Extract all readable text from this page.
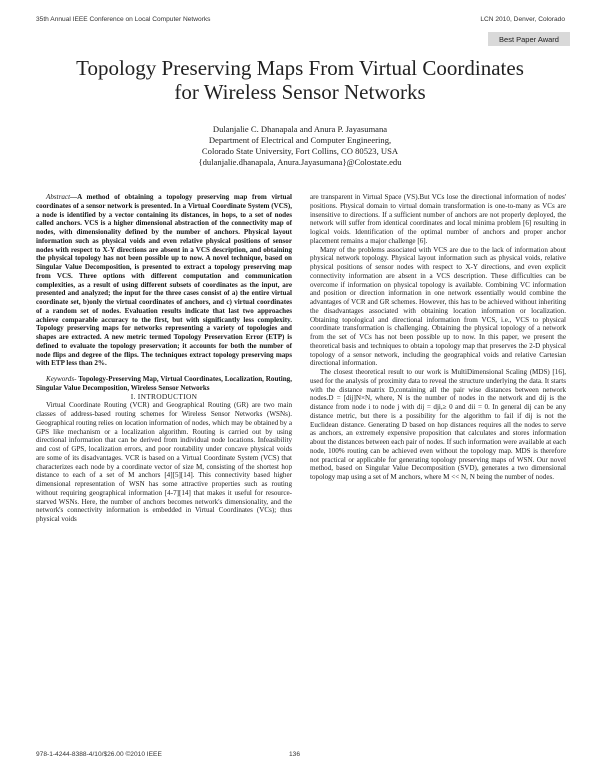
35th Annual IEEE Conference on Local Computer Networks	LCN 2010, Denver, Colorado
Best Paper Award
Topology Preserving Maps From Virtual Coordinates
for Wireless Sensor Networks
Dulanjalie C. Dhanapala and Anura P. Jayasumana
Department of Electrical and Computer Engineering,
Colorado State University, Fort Collins, CO 80523, USA
{dulanjalie.dhanapala, Anura.Jayasumana}@Colostate.edu

Abstract—A method of obtaining a topology preserving map from virtual coordinates of a sensor network is presented. In a Virtual Coordinate System (VCS), a node is identified by a vector containing its distances, in hops, to a set of nodes called anchors. VCS is a higher dimensional abstraction of the connectivity map of nodes, with dimensionality defined by the number of anchors. Physical layout information such as physical voids and even relative physical positions of sensor nodes with respect to X-Y directions are absent in a VCS description, and obtaining the physical topology has not been possible up to now. A novel technique, based on Singular Value Decomposition, is presented to extract a topology preserving map from VCS. Three options with different computation and communication complexities, as a result of using different subsets of coordinates as the input, are presented and analyzed; the input for the three cases consist of a) the entire virtual coordinate set, b)only the virtual coordinates of anchors, and c) virtual coordinates of a random set of nodes. Evaluation results indicate that last two approaches achieve comparable accuracy to the first, but with significantly less complexity. Topology preserving maps for networks representing a variety of topologies and shapes are extracted. A new metric termed Topology Preservation Error (ETP) is defined to evaluate the topology preservation; it accounts for both the number of node flips and degree of the flips. The techniques extract topology preserving maps with ETP less than 2%.

Keywords- Topology-Preserving Map, Virtual Coordinates, Localization, Routing, Singular Value Decomposition, Wireless Sensor Networks

I. INTRODUCTION

Virtual Coordinate Routing (VCR) and Geographical Routing (GR) are two main classes of address-based routing schemes for Wireless Sensor Networks (WSNs). Geographical routing relies on location information of nodes, which may be obtained by a GPS like mechanism or a localization algorithm. Routing is carried out by using directional information that can be derived from individual node locations. Infeasibility and cost of GPS, localization errors, and poor routability under concave physical voids are some of its disadvantages. VCR is based on a Virtual Coordinate System (VCS) that characterizes each node by a coordinate vector of size M, consisting of the shortest hop distance to each of a set of M anchors [4][5][14]. This connectivity based higher dimensional representation of WSN has some attractive properties such as routing without requiring geographical information [4-7][14] that makes it useful for resource-starved WSNs. Here, the number of anchors becomes network's dimensionality, and the network's connectivity information is embedded in Virtual Coordinates (VCs); thus physical voids

are transparent in Virtual Space (VS).But VCs lose the directional information of nodes' positions. Physical domain to virtual domain transformation is one-to-many as VCs are insensitive to directions. If a sufficient number of anchors are not properly deployed, the network will suffer from identical coordinates and local minima problem [6] resulting in logical voids. Identification of the optimal number of anchors and proper anchor placement remains a major challenge [6].

Many of the problems associated with VCS are due to the lack of information about physical network topology. Physical layout information such as physical voids, relative physical positions of sensor nodes with respect to X-Y directions, and even explicit connectivity information are absent in a VCS description. These difficulties can be overcome if information on physical topology is available. Combining VC information and position or direction information in one network essentially would combine the advantages of VCR and GR schemes. However, this has to be achieved without inheriting the disadvantages associated with obtaining location information or localization. Obtaining topological and directional information from VCS, i.e., VCS to physical coordinate transformation is challenging. Obtaining the physical topology of a network from the set of VCs has not been possible up to now. In this paper, we present the theoretical basis and techniques to obtain a topology map that preserves the 2-D physical topology of a sensor network, including the geographical voids and relative Cartesian directional information.

The closest theoretical result to our work is MultiDimensional Scaling (MDS) [16], used for the analysis of proximity data to reveal the structure underlying the data. It starts with the distance matrix D,containing all the pair wise distances between network nodes.D = [dij]N×N, where, N is the number of nodes in the network and dij is the distance from node i to node j with dij = dji,≥ 0 and dii = 0. In general dij can be any distance metric, but there is a possibility for the algorithm to fail if dij is not the Euclidean distance. Generating D based on hop distances requires all the nodes to serve as anchors, an extremely expensive proposition that calculates and stores information about the distances between each pair of nodes. If such information were available at each node, 100% routing can be achieved even without the topology map. MDS is therefore not practical or applicable for generating topology preserving maps of WSN. Our novel method, based on Singular Value Decomposition (SVD), generates a two dimensional topology map using a set of M anchors, where M << N, N being the number of nodes.

978-1-4244-8388-4/10/$26.00 ©2010 IEEE	136
